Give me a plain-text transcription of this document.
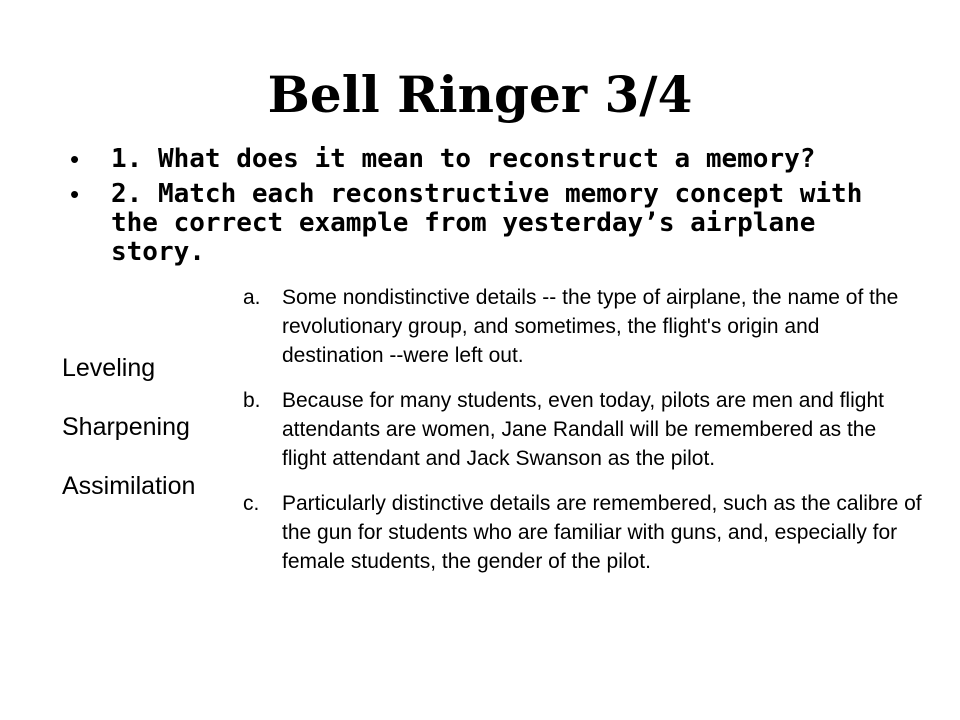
Bell Ringer 3/4
• 1. What does it mean to reconstruct a memory?
• 2. Match each reconstructive memory concept with the correct example from yesterday’s airplane story.
Leveling
Sharpening
Assimilation
a. Some nondistinctive details -- the type of airplane, the name of the revolutionary group, and sometimes, the flight's origin and destination --were left out.
b. Because for many students, even today, pilots are men and flight attendants are women, Jane Randall will be remembered as the flight attendant and Jack Swanson as the pilot.
c. Particularly distinctive details are remembered, such as the calibre of the gun for students who are familiar with guns, and, especially for female students, the gender of the pilot.
